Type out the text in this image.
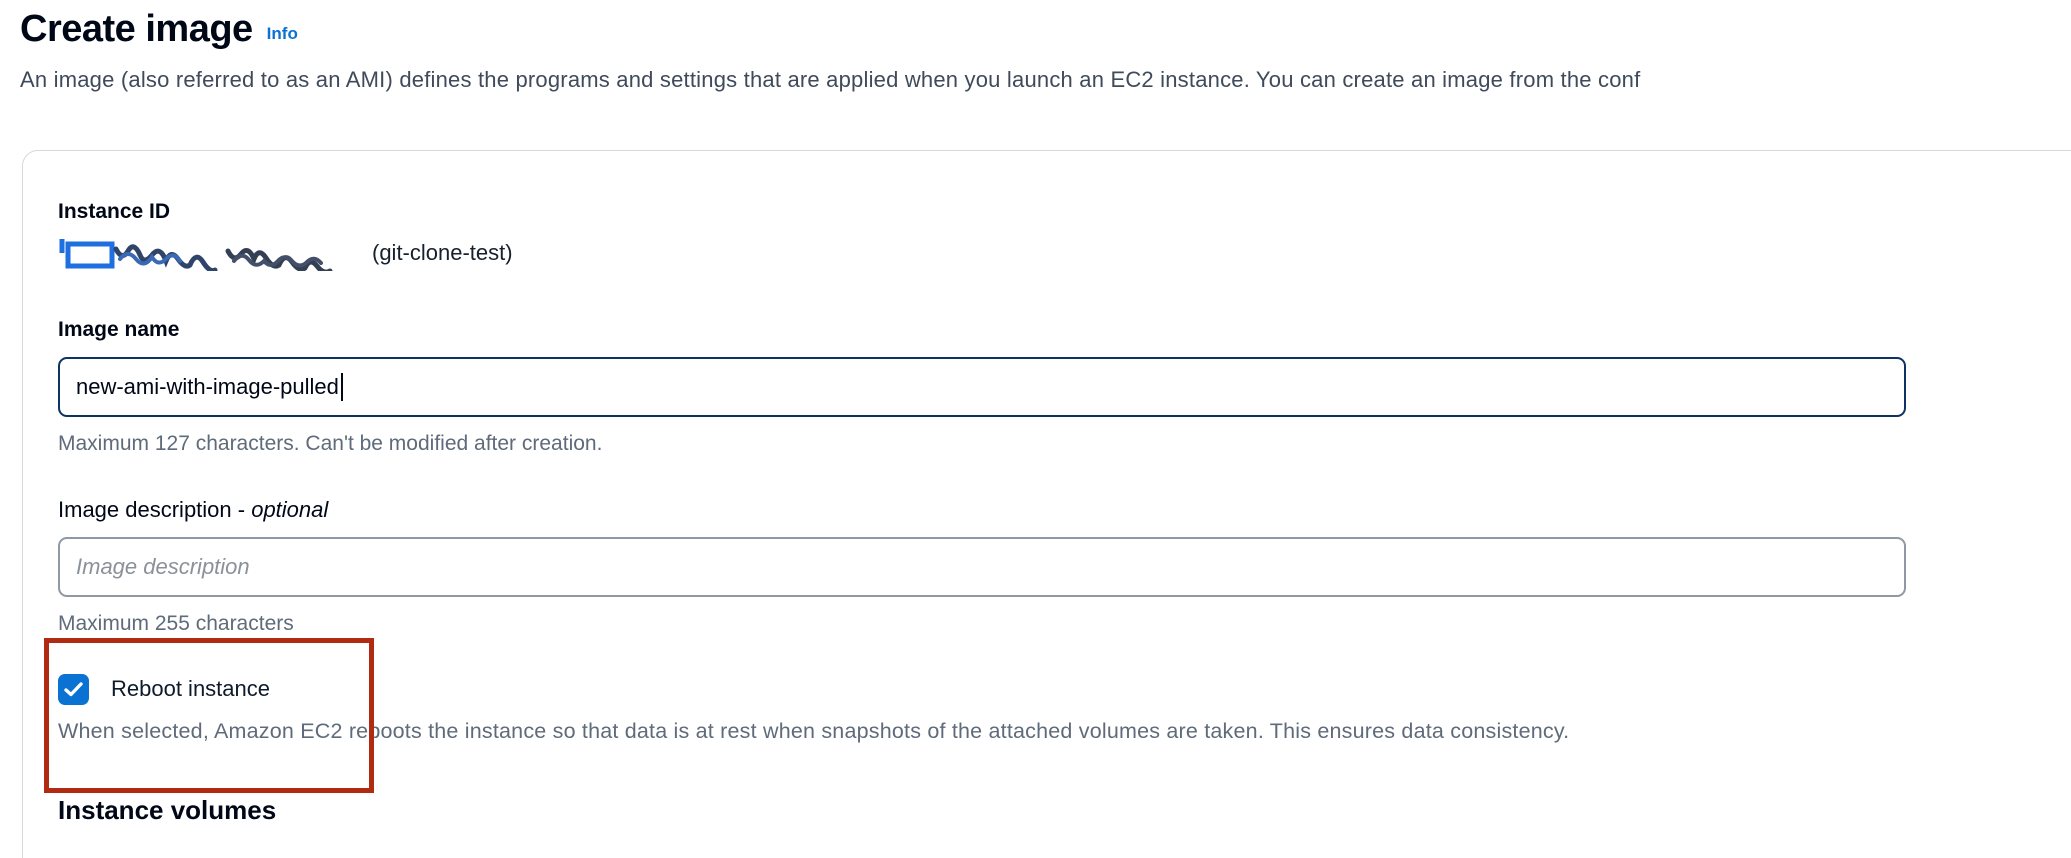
Create image Info
An image (also referred to as an AMI) defines the programs and settings that are applied when you launch an EC2 instance. You can create an image from the conf
Instance ID
(git-clone-test)
Image name
new-ami-with-image-pulled
Maximum 127 characters. Can't be modified after creation.
Image description - optional
Image description
Maximum 255 characters
Reboot instance
When selected, Amazon EC2 reboots the instance so that data is at rest when snapshots of the attached volumes are taken. This ensures data consistency.
Instance volumes
